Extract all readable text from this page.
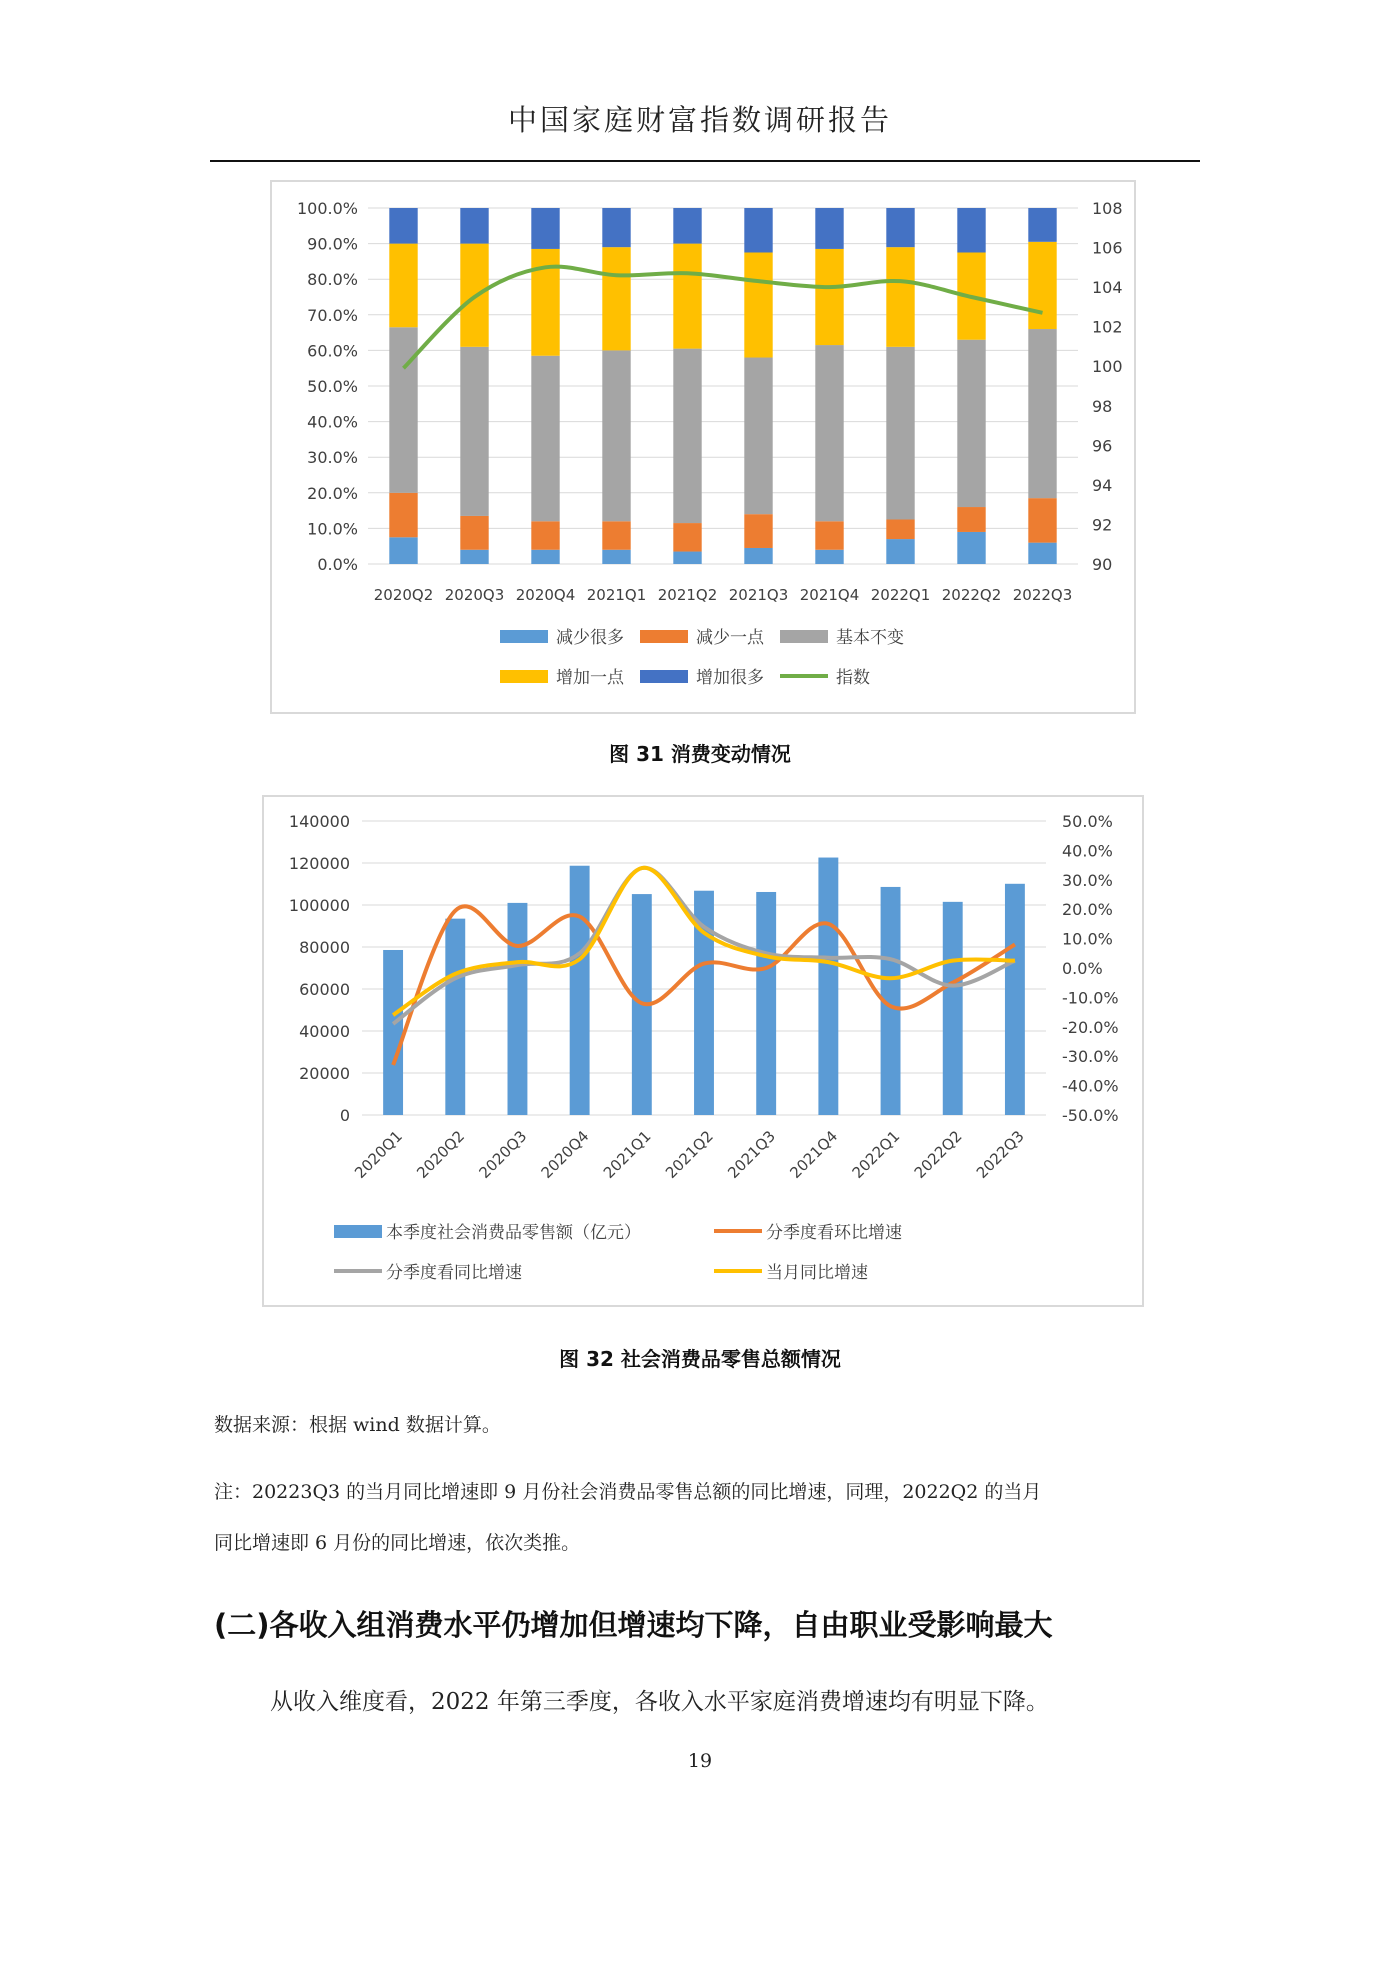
中国家庭财富指数调研报告
100.0%
90.0%
80.0%
70.0%
60.0%
50.0%
40.0%
30.0%
20.0%
10.0%
0.0%
108
106
104
102
100
98
96
94
92
90
2020Q2 2020Q3 2020Q4 2021Q1 2021Q2 2021Q3 2021Q4 2022Q1 2022Q2 2022Q3
减少很多	减少一点	基本不变
增加一点	增加很多	指数
图 31 消费变动情况
140000
120000
100000
80000
60000
40000
20000
0
50.0%
40.0%
30.0%
20.0%
10.0%
0.0%
-10.0%
-20.0%
-30.0%
-40.0%
-50.0%
2020Q1 2020Q2 2020Q3 2020Q4 2021Q1 2021Q2 2021Q3 2021Q4 2022Q1 2022Q2 2022Q3
本季度社会消费品零售额（亿元）	分季度看环比增速
分季度看同比增速	当月同比增速
图 32 社会消费品零售总额情况
数据来源：根据 wind 数据计算。
注：20223Q3 的当月同比增速即 9 月份社会消费品零售总额的同比增速，同理，2022Q2 的当月
同比增速即 6 月份的同比增速，依次类推。
(二)各收入组消费水平仍增加但增速均下降，自由职业受影响最大
从收入维度看，2022 年第三季度，各收入水平家庭消费增速均有明显下降。
19
